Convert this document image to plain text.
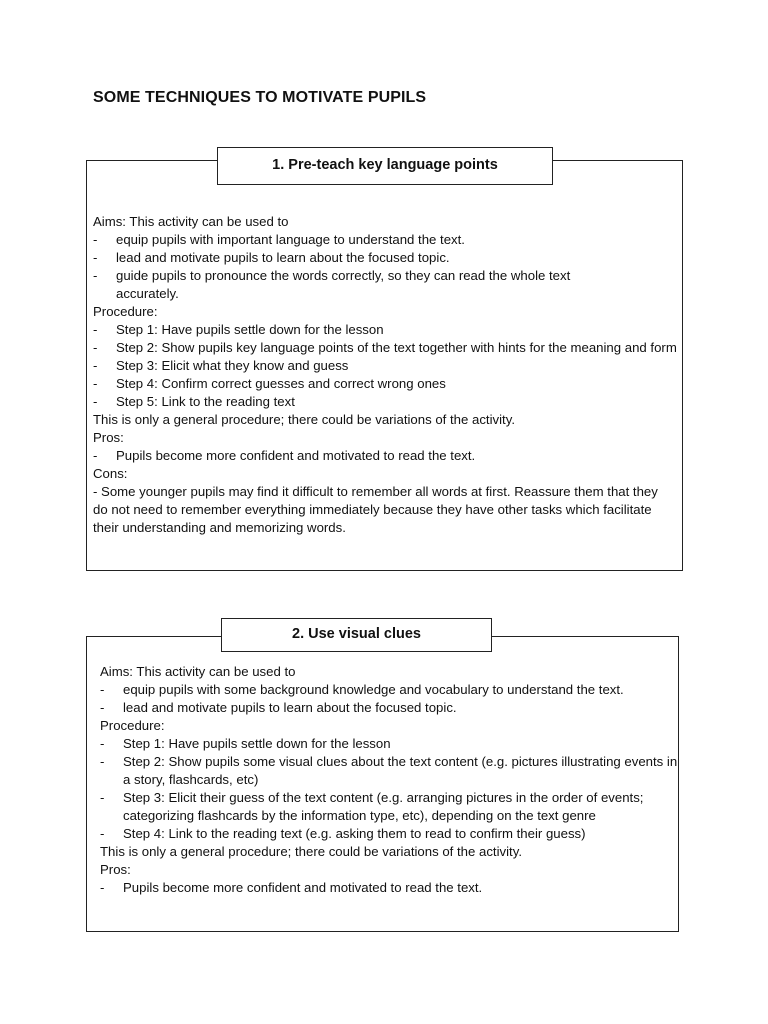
SOME TECHNIQUES TO MOTIVATE PUPILS
1. Pre-teach key language points
Aims: This activity can be used to
- equip pupils with important language to understand the text.
- lead and motivate pupils to learn about the focused topic.
- guide pupils to pronounce the words correctly, so they can read the whole text accurately.
Procedure:
- Step 1: Have pupils settle down for the lesson
- Step 2: Show pupils key language points of the text together with hints for the meaning and form
- Step 3: Elicit what they know and guess
- Step 4: Confirm correct guesses and correct wrong ones
- Step 5: Link to the reading text
This is only a general procedure; there could be variations of the activity.
Pros:
- Pupils become more confident and motivated to read the text.
Cons:
- Some younger pupils may find it difficult to remember all words at first. Reassure them that they do not need to remember everything immediately because they have other tasks which facilitate their understanding and memorizing words.
2. Use visual clues
Aims: This activity can be used to
- equip pupils with some background knowledge and vocabulary to understand the text.
- lead and motivate pupils to learn about the focused topic.
Procedure:
- Step 1: Have pupils settle down for the lesson
- Step 2: Show pupils some visual clues about the text content (e.g. pictures illustrating events in a story, flashcards, etc)
- Step 3: Elicit their guess of the text content (e.g. arranging pictures in the order of events; categorizing flashcards by the information type, etc), depending on the text genre
- Step 4: Link to the reading text (e.g. asking them to read to confirm their guess)
This is only a general procedure; there could be variations of the activity.
Pros:
- Pupils become more confident and motivated to read the text.
